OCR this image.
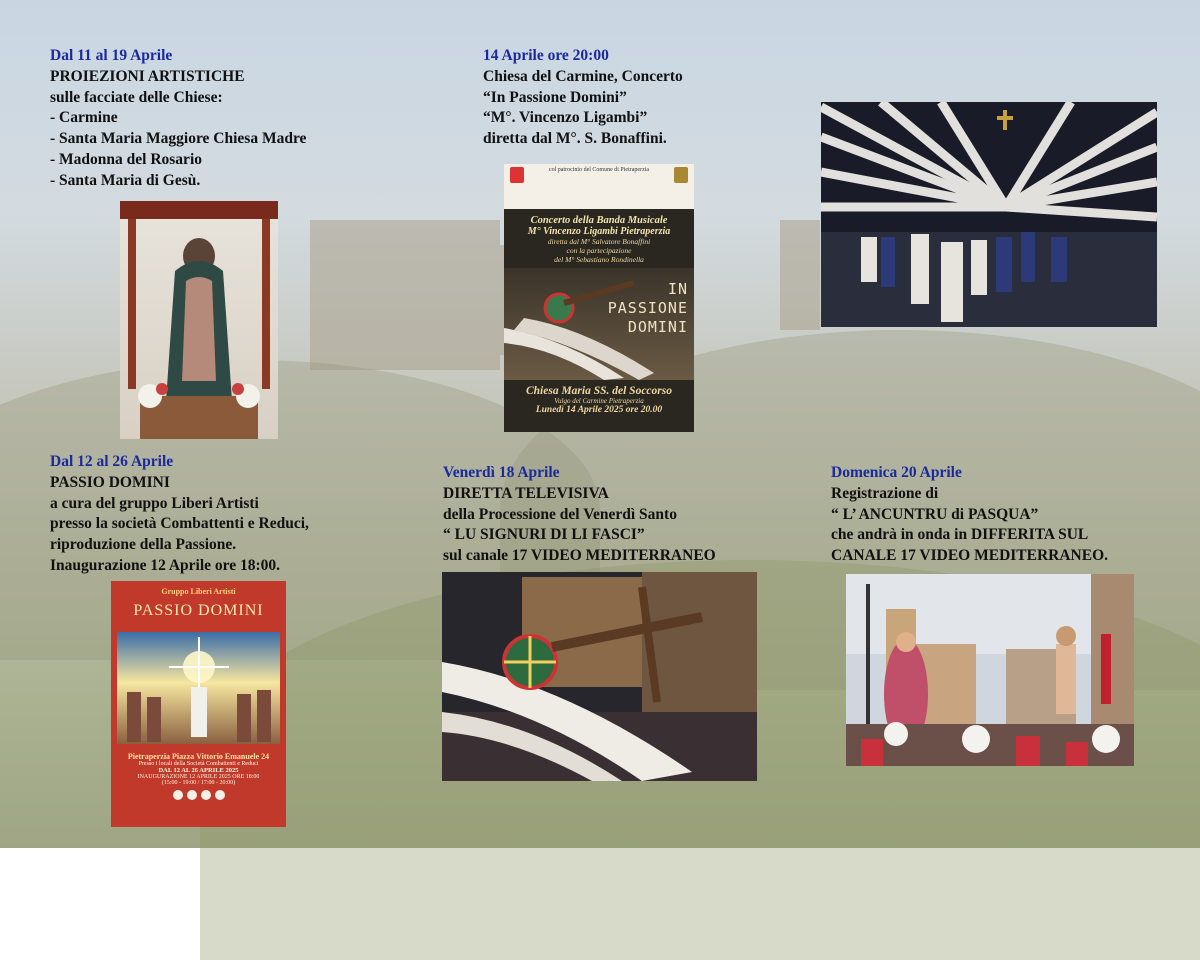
Dal 11 al 19 Aprile
PROIEZIONI ARTISTICHE
sulle facciate delle Chiese:
- Carmine
- Santa Maria Maggiore Chiesa Madre
- Madonna del Rosario
- Santa Maria di Gesù.
14 Aprile ore 20:00
Chiesa del Carmine, Concerto
“In Passione Domini”
“M°. Vincenzo Ligambi”
diretta dal M°. S. Bonaffini.
Dal 12 al 26 Aprile
PASSIO DOMINI
a cura del gruppo Liberi Artisti
presso la società Combattenti e Reduci,
riproduzione della Passione.
Inaugurazione 12 Aprile ore 18:00.
Venerdì 18 Aprile
DIRETTA TELEVISIVA
della Processione del Venerdì Santo
“ LU SIGNURI DI LI FASCI”
sul canale 17 VIDEO MEDITERRANEO
Domenica 20 Aprile
Registrazione di
“ L’ ANCUNTRU di PASQUA”
che andrà in onda in DIFFERITA SUL
CANALE 17 VIDEO MEDITERRANEO.
col patrocinio del Comune di Pietraperzia
Concerto della Banda Musicale
M° Vincenzo Ligambi Pietraperzia
diretta dal M° Salvatore Bonaffini
con la partecipazione
del M° Sebastiano Rondinella
IN
PASSIONE
DOMINI
Chiesa Maria SS. del Soccorso
Vulgo del Carmine Pietraperzia
Lunedì 14 Aprile 2025 ore 20.00
Gruppo Liberi Artisti
PASSIO DOMINI
Pietraperzia Piazza Vittorio Emanuele 24
Presso i locali della Società Combattenti e Reduci
DAL 12 AL 26 APRILE 2025
INAUGURAZIONE 12 APRILE 2025 ORE 18:00
(15:00 - 19:00 / 17:00 - 20:00)
